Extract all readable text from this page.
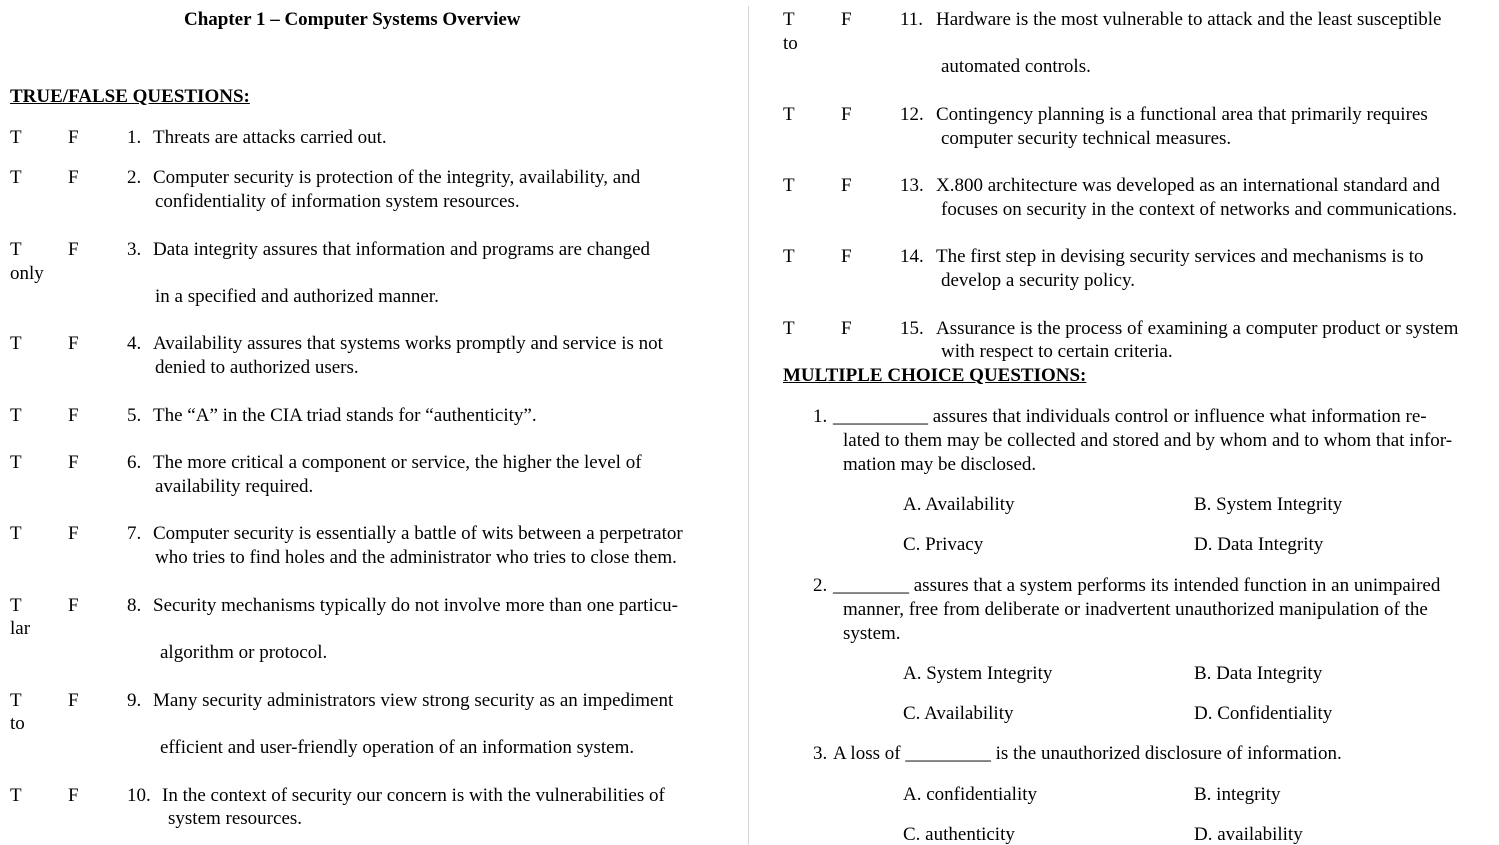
Chapter 1 – Computer Systems Overview
TRUE/FALSE QUESTIONS:
MULTIPLE CHOICE QUESTIONS:
T F	1. Threats are attacks carried out.
T F	2. Computer security is protection of the integrity, availability, and
confidentiality of information system resources.
T F	3. Data integrity assures that information and programs are changed
only
in a specified and authorized manner.
T F	4. Availability assures that systems works promptly and service is not
denied to authorized users.
T F	5. The “A” in the CIA triad stands for “authenticity”.
T F	6. The more critical a component or service, the higher the level of
availability required.
T F	7. Computer security is essentially a battle of wits between a perpetrator
who tries to find holes and the administrator who tries to close them.
T F	8. Security mechanisms typically do not involve more than one particu-
lar
algorithm or protocol.
T F	9. Many security administrators view strong security as an impediment
to
efficient and user-friendly operation of an information system.
T F	10. In the context of security our concern is with the vulnerabilities of
system resources.
T F	11. Hardware is the most vulnerable to attack and the least susceptible
to
automated controls.
T F	12. Contingency planning is a functional area that primarily requires
computer security technical measures.
T F	13. X.800 architecture was developed as an international standard and
focuses on security in the context of networks and communications.
T F	14. The first step in devising security services and mechanisms is to
develop a security policy.
T F	15. Assurance is the process of examining a computer product or system
with respect to certain criteria.
1. __________ assures that individuals control or influence what information re-
lated to them may be collected and stored and by whom and to whom that infor-
mation may be disclosed.
A. Availability	B. System Integrity
C. Privacy	D. Data Integrity
2. ________ assures that a system performs its intended function in an unimpaired
manner, free from deliberate or inadvertent unauthorized manipulation of the
system.
A. System Integrity	B. Data Integrity
C. Availability	D. Confidentiality
3. A loss of _________ is the unauthorized disclosure of information.
A. confidentiality	B. integrity
C. authenticity	D. availability
